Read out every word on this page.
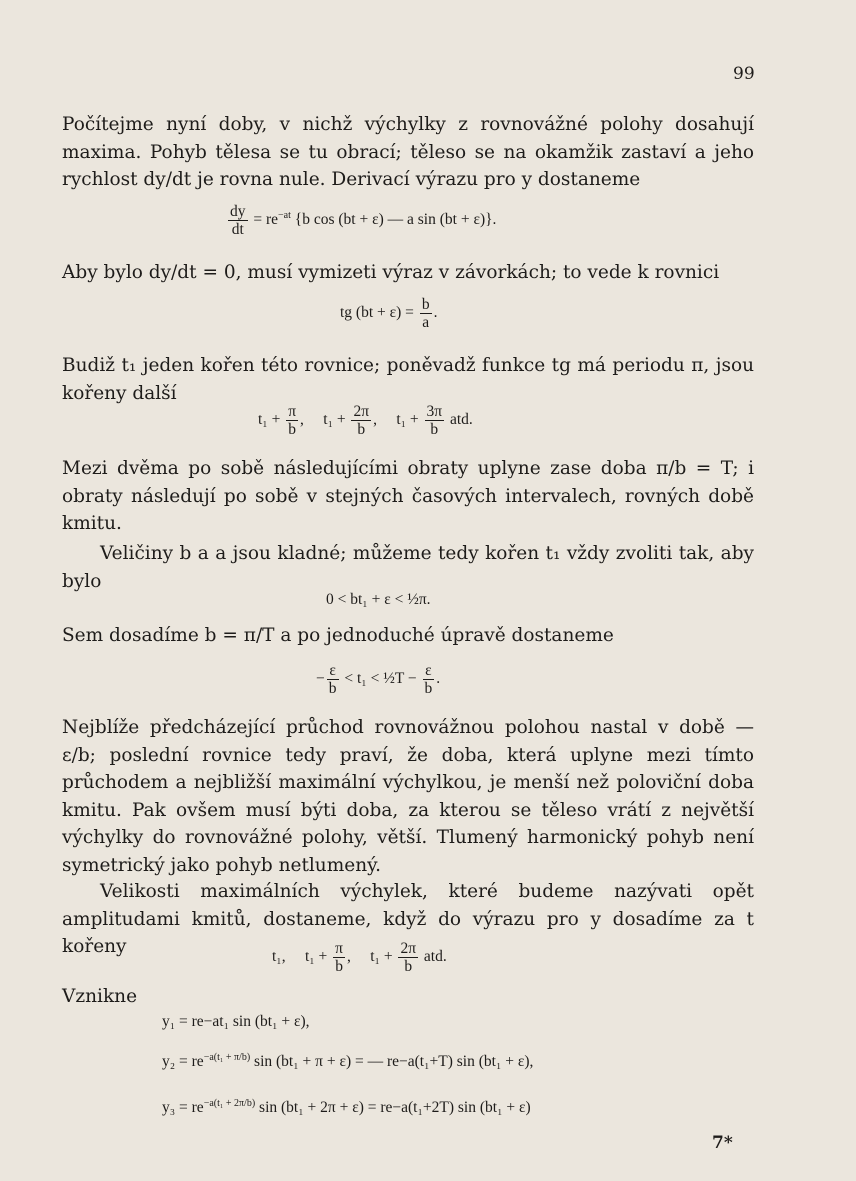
99

Počítejme nyní doby, v nichž výchylky z rovnovážné polohy dosahují maxima. Pohyb tělesa se tu obrací; těleso se na okamžik zastaví a jeho rychlost dy/dt je rovna nule. Derivací výrazu pro y dostaneme

$\frac{dy}{dt} = re^{-at}$ {b cos (bt + ε) — a sin (bt + ε)}.

Aby bylo dy/dt = 0, musí vymizeti výraz v závorkách; to vede k rovnici

tg $(bt + \varepsilon) = \frac{b}{a}$ .

Budiž t₁ jeden kořen této rovnice; poněvadž funkce tg má periodu π, jsou kořeny další

$t_1 + \frac{\pi}{b}$ ,     $t_1 + \frac{2\pi}{b}$ ,     $t_1 + \frac{3\pi}{b}$ atd.

Mezi dvěma po sobě následujícími obraty uplyne zase doba π/b = T; i obraty následují po sobě v stejných časových intervalech, rovných době kmitu.

Veličiny b a a jsou kladné; můžeme tedy kořen t₁ vždy zvoliti tak, aby bylo

0 < bt₁ + ε < ½π.

Sem dosadíme b = π/T a po jednoduché úpravě dostaneme

− $\frac{\varepsilon}{b} < t_1$ < ½T − $\frac{\varepsilon}{b}$ .

Nejblíže předcházející průchod rovnovážnou polohou nastal v době — ε/b; poslední rovnice tedy praví, že doba, která uplyne mezi tímto průchodem a nejbližší maximální výchylkou, je menší než poloviční doba kmitu. Pak ovšem musí býti doba, za kterou se těleso vrátí z největší výchylky do rovnovážné polohy, větší. Tlumený harmonický pohyb není symetrický jako pohyb netlumený.

Velikosti maximálních výchylek, které budeme nazývati opět amplitudami kmitů, dostaneme, když do výrazu pro y dosadíme za t kořeny	t₁, $t_1 + \frac{\pi}{b}$ ,     $t_1 + \frac{2\pi}{b}$ atd.

Vznikne

y₁ = re−at₁ sin (bt₁ + ε),
$y_2 = re^{-a(t_1 + \pi/b)}$ sin (bt₁ + π + ε) = — re−a(t₁+T) sin (bt₁ + ε),
$y_3 = re^{-a(t_1 + 2\pi/b)}$ sin (bt₁ + 2π + ε) = re−a(t₁+2T) sin (bt₁ + ε)
7*
